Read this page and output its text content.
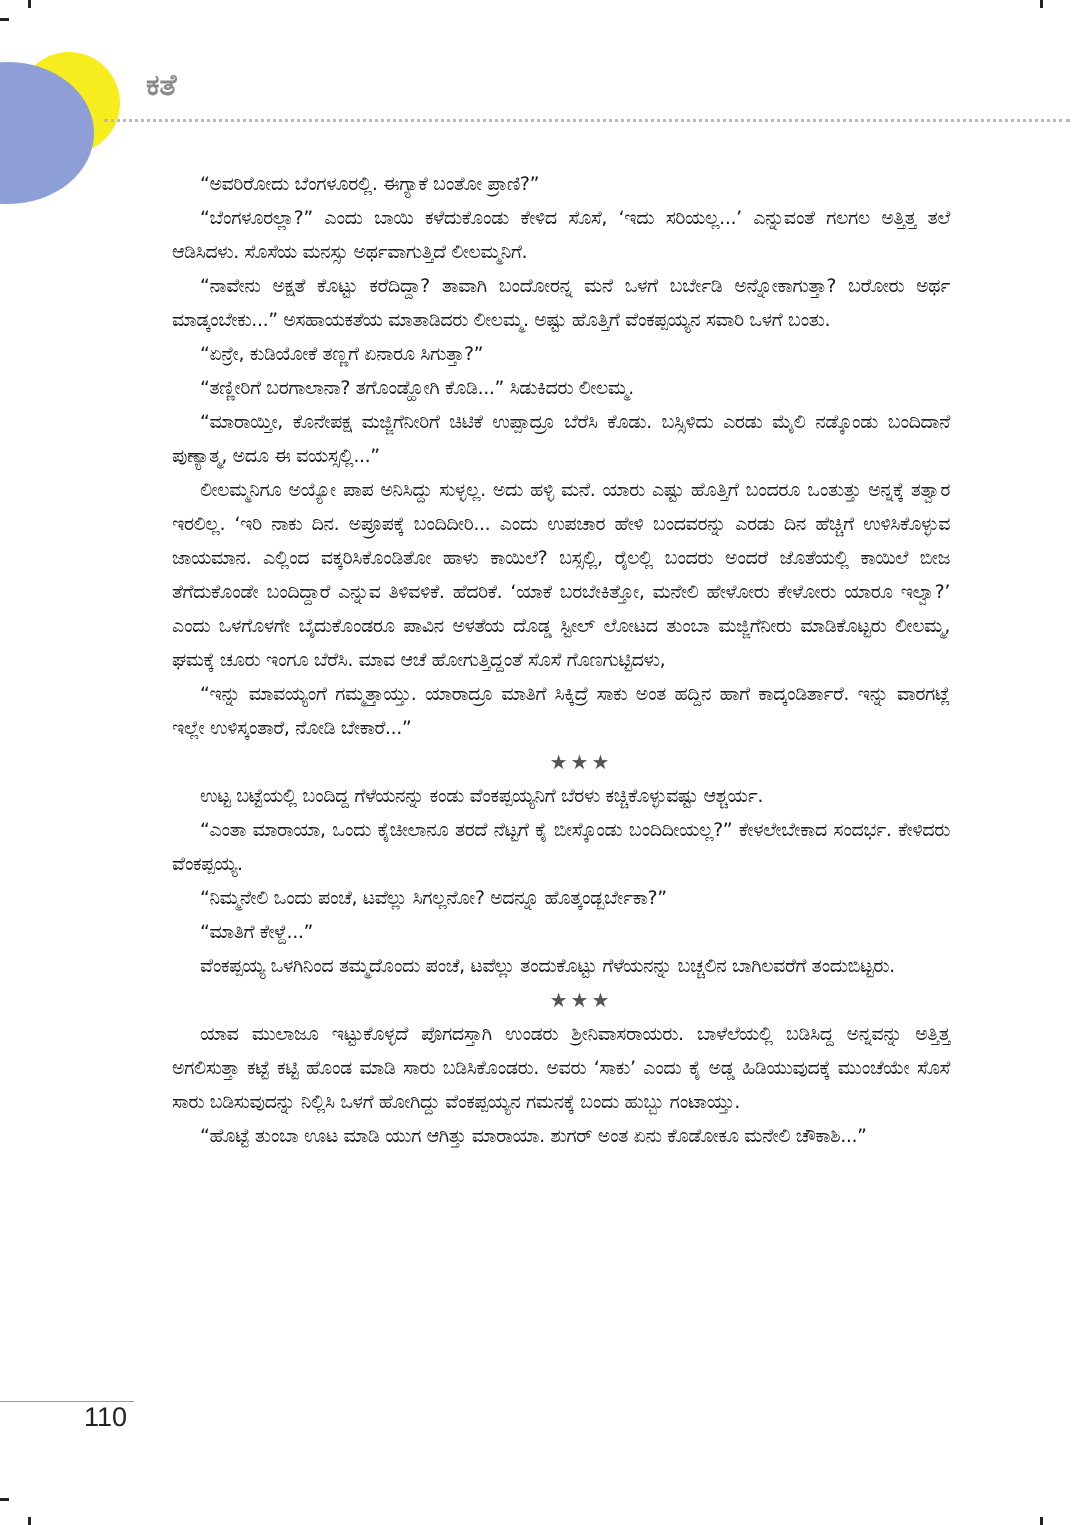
ಕತೆ

“ಅವರಿರೋದು ಬೆಂಗಳೂರಲ್ಲಿ. ಈಗ್ಯಾಕೆ ಬಂತೋ ಪ್ರಾಣಿ?”

“ಬೆಂಗಳೂರಲ್ಲಾ?” ಎಂದು ಬಾಯಿ ಕಳೆದುಕೊಂಡು ಕೇಳಿದ ಸೊಸೆ, ‘ಇದು ಸರಿಯಲ್ಲ...’ ಎನ್ನುವಂತೆ ಗಲಗಲ ಅತ್ತಿತ್ತ ತಲೆ ಆಡಿಸಿದಳು. ಸೊಸೆಯ ಮನಸ್ಸು ಅರ್ಥವಾಗುತ್ತಿದೆ ಲೀಲಮ್ಮನಿಗೆ.

“ನಾವೇನು ಅಕ್ಷತೆ ಕೊಟ್ಟು ಕರೆದಿದ್ದಾ? ತಾವಾಗಿ ಬಂದೋರನ್ನ ಮನೆ ಒಳಗೆ ಬರ್ಬೇಡಿ ಅನ್ನೋಕಾಗುತ್ತಾ? ಬರೋರು ಅರ್ಥ ಮಾಡ್ಕಂಬೇಕು...” ಅಸಹಾಯಕತೆಯ ಮಾತಾಡಿದರು ಲೀಲಮ್ಮ. ಅಷ್ಟು ಹೊತ್ತಿಗೆ ವೆಂಕಪ್ಪಯ್ಯನ ಸವಾರಿ ಒಳಗೆ ಬಂತು.

“ಏನ್ರೇ, ಕುಡಿಯೋಕೆ ತಣ್ಣಗೆ ಏನಾರೂ ಸಿಗುತ್ತಾ?”

“ತಣ್ಣೀರಿಗೆ ಬರಗಾಲಾನಾ? ತಗೊಂಡ್ಹೋಗಿ ಕೊಡಿ...” ಸಿಡುಕಿದರು ಲೀಲಮ್ಮ.

“ಮಾರಾಯ್ತೀ, ಕೊನೇಪಕ್ಷ ಮಜ್ಜಿಗೆನೀರಿಗೆ ಚಿಟಿಕೆ ಉಪ್ಪಾದ್ರೂ ಬೆರೆಸಿ ಕೊಡು. ಬಸ್ಸಿಳಿದು ಎರಡು ಮೈಲಿ ನಡ್ಕೊಂಡು ಬಂದಿದಾನೆ ಪುಣ್ಯಾತ್ಮ, ಅದೂ ಈ ವಯಸ್ಸಲ್ಲಿ...”

ಲೀಲಮ್ಮನಿಗೂ ಅಯ್ಯೋ ಪಾಪ ಅನಿಸಿದ್ದು ಸುಳ್ಳಲ್ಲ. ಅದು ಹಳ್ಳಿ ಮನೆ. ಯಾರು ಎಷ್ಟು ಹೊತ್ತಿಗೆ ಬಂದರೂ ಒಂತುತ್ತು ಅನ್ನಕ್ಕೆ ತತ್ವಾರ ಇರಲಿಲ್ಲ. ‘ಇರಿ ನಾಕು ದಿನ. ಅಪ್ರೂಪಕ್ಕೆ ಬಂದಿದೀರಿ... ಎಂದು ಉಪಚಾರ ಹೇಳಿ ಬಂದವರನ್ನು ಎರಡು ದಿನ ಹೆಚ್ಚಿಗೆ ಉಳಿಸಿಕೊಳ್ಳುವ ಜಾಯಮಾನ. ಎಲ್ಲಿಂದ ವಕ್ಕರಿಸಿಕೊಂಡಿತೋ ಹಾಳು ಕಾಯಿಲೆ? ಬಸ್ಸಲ್ಲಿ, ರೈಲಲ್ಲಿ ಬಂದರು ಅಂದರೆ ಜೊತೆಯಲ್ಲಿ ಕಾಯಿಲೆ ಬೀಜ ತೆಗೆದುಕೊಂಡೇ ಬಂದಿದ್ದಾರೆ ಎನ್ನುವ ತಿಳಿವಳಿಕೆ. ಹೆದರಿಕೆ. ‘ಯಾಕೆ ಬರಬೇಕಿತ್ತೋ, ಮನೇಲಿ ಹೇಳೋರು ಕೇಳೋರು ಯಾರೂ ಇಲ್ವಾ?’ ಎಂದು ಒಳಗೊಳಗೇ ಬೈದುಕೊಂಡರೂ ಪಾವಿನ ಅಳತೆಯ ದೊಡ್ಡ ಸ್ಟೀಲ್ ಲೋಟದ ತುಂಬಾ ಮಜ್ಜಿಗೆನೀರು ಮಾಡಿಕೊಟ್ಟರು ಲೀಲಮ್ಮ, ಘಮಕ್ಕೆ ಚೂರು ಇಂಗೂ ಬೆರೆಸಿ. ಮಾವ ಆಚೆ ಹೋಗುತ್ತಿದ್ದಂತೆ ಸೊಸೆ ಗೊಣಗುಟ್ಟಿದಳು,

“ಇನ್ನು ಮಾವಯ್ಯಂಗೆ ಗಮ್ಮತ್ತಾಯ್ತು. ಯಾರಾದ್ರೂ ಮಾತಿಗೆ ಸಿಕ್ಕಿದ್ರೆ ಸಾಕು ಅಂತ ಹದ್ದಿನ ಹಾಗೆ ಕಾದ್ಕಂಡಿರ್ತಾರೆ. ಇನ್ನು ವಾರಗಟ್ಲೆ ಇಲ್ಲೇ ಉಳಿಸ್ಕಂತಾರೆ, ನೋಡಿ ಬೇಕಾರೆ...”

★★★

ಉಟ್ಟ ಬಟ್ಟೆಯಲ್ಲಿ ಬಂದಿದ್ದ ಗೆಳೆಯನನ್ನು ಕಂಡು ವೆಂಕಪ್ಪಯ್ಯನಿಗೆ ಬೆರಳು ಕಚ್ಚಿಕೊಳ್ಳುವಷ್ಟು ಆಶ್ಚರ್ಯ.

“ಎಂತಾ ಮಾರಾಯಾ, ಒಂದು ಕೈಚೀಲಾನೂ ತರದೆ ನೆಟ್ಟಗೆ ಕೈ ಬೀಸ್ಕೊಂಡು ಬಂದಿದೀಯಲ್ಲ?” ಕೇಳಲೇಬೇಕಾದ ಸಂದರ್ಭ. ಕೇಳಿದರು ವೆಂಕಪ್ಪಯ್ಯ.

“ನಿಮ್ಮನೇಲಿ ಒಂದು ಪಂಚೆ, ಟವೆಲ್ಲು ಸಿಗಲ್ಲನೋ? ಅದನ್ನೂ ಹೊತ್ಕಂಡ್ಬರ್ಬೇಕಾ?”

“ಮಾತಿಗೆ ಕೇಳ್ದೆ...”

ವೆಂಕಪ್ಪಯ್ಯ ಒಳಗಿನಿಂದ ತಮ್ಮದೊಂದು ಪಂಚೆ, ಟವೆಲ್ಲು ತಂದುಕೊಟ್ಟು ಗೆಳೆಯನನ್ನು ಬಚ್ಚಲಿನ ಬಾಗಿಲವರೆಗೆ ತಂದುಬಿಟ್ಟರು.

★★★

ಯಾವ ಮುಲಾಜೂ ಇಟ್ಟುಕೊಳ್ಳದೆ ಪೊಗದಸ್ತಾಗಿ ಉಂಡರು ಶ್ರೀನಿವಾಸರಾಯರು. ಬಾಳೆಲೆಯಲ್ಲಿ ಬಡಿಸಿದ್ದ ಅನ್ನವನ್ನು ಅತ್ತಿತ್ತ ಅಗಲಿಸುತ್ತಾ ಕಟ್ಟೆ ಕಟ್ಟಿ ಹೊಂಡ ಮಾಡಿ ಸಾರು ಬಡಿಸಿಕೊಂಡರು. ಅವರು ‘ಸಾಕು’ ಎಂದು ಕೈ ಅಡ್ಡ ಹಿಡಿಯುವುದಕ್ಕೆ ಮುಂಚೆಯೇ ಸೊಸೆ ಸಾರು ಬಡಿಸುವುದನ್ನು ನಿಲ್ಲಿಸಿ ಒಳಗೆ ಹೋಗಿದ್ದು ವೆಂಕಪ್ಪಯ್ಯನ ಗಮನಕ್ಕೆ ಬಂದು ಹುಬ್ಬು ಗಂಟಾಯ್ತು.

“ಹೊಟ್ಟೆ ತುಂಬಾ ಊಟ ಮಾಡಿ ಯುಗ ಆಗಿತ್ತು ಮಾರಾಯಾ. ಶುಗರ್ ಅಂತ ಏನು ಕೊಡೋಕೂ ಮನೇಲಿ ಚೌಕಾಶಿ...”

110
